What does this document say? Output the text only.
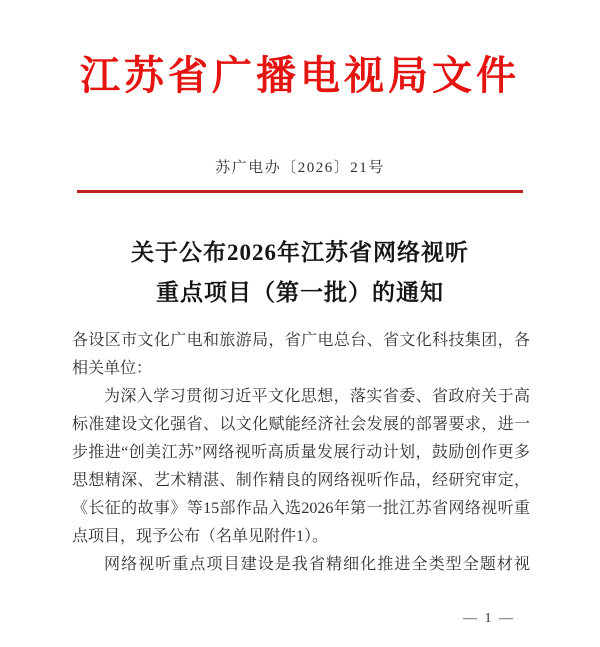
江苏省广播电视局文件
苏广电办〔2026〕21号
关于公布2026年江苏省网络视听
重点项目（第一批）的通知

各设区市文化广电和旅游局，省广电总台、省文化科技集团，各相关单位：

为深入学习贯彻习近平文化思想，落实省委、省政府关于高标准建设文化强省、以文化赋能经济社会发展的部署要求，进一步推进“创美江苏”网络视听高质量发展行动计划，鼓励创作更多思想精深、艺术精湛、制作精良的网络视听作品，经研究审定，《长征的故事》等15部作品入选2026年第一批江苏省网络视听重点项目，现予公布（名单见附件1）。

网络视听重点项目建设是我省精细化推进全类型全题材视

— 1 —
